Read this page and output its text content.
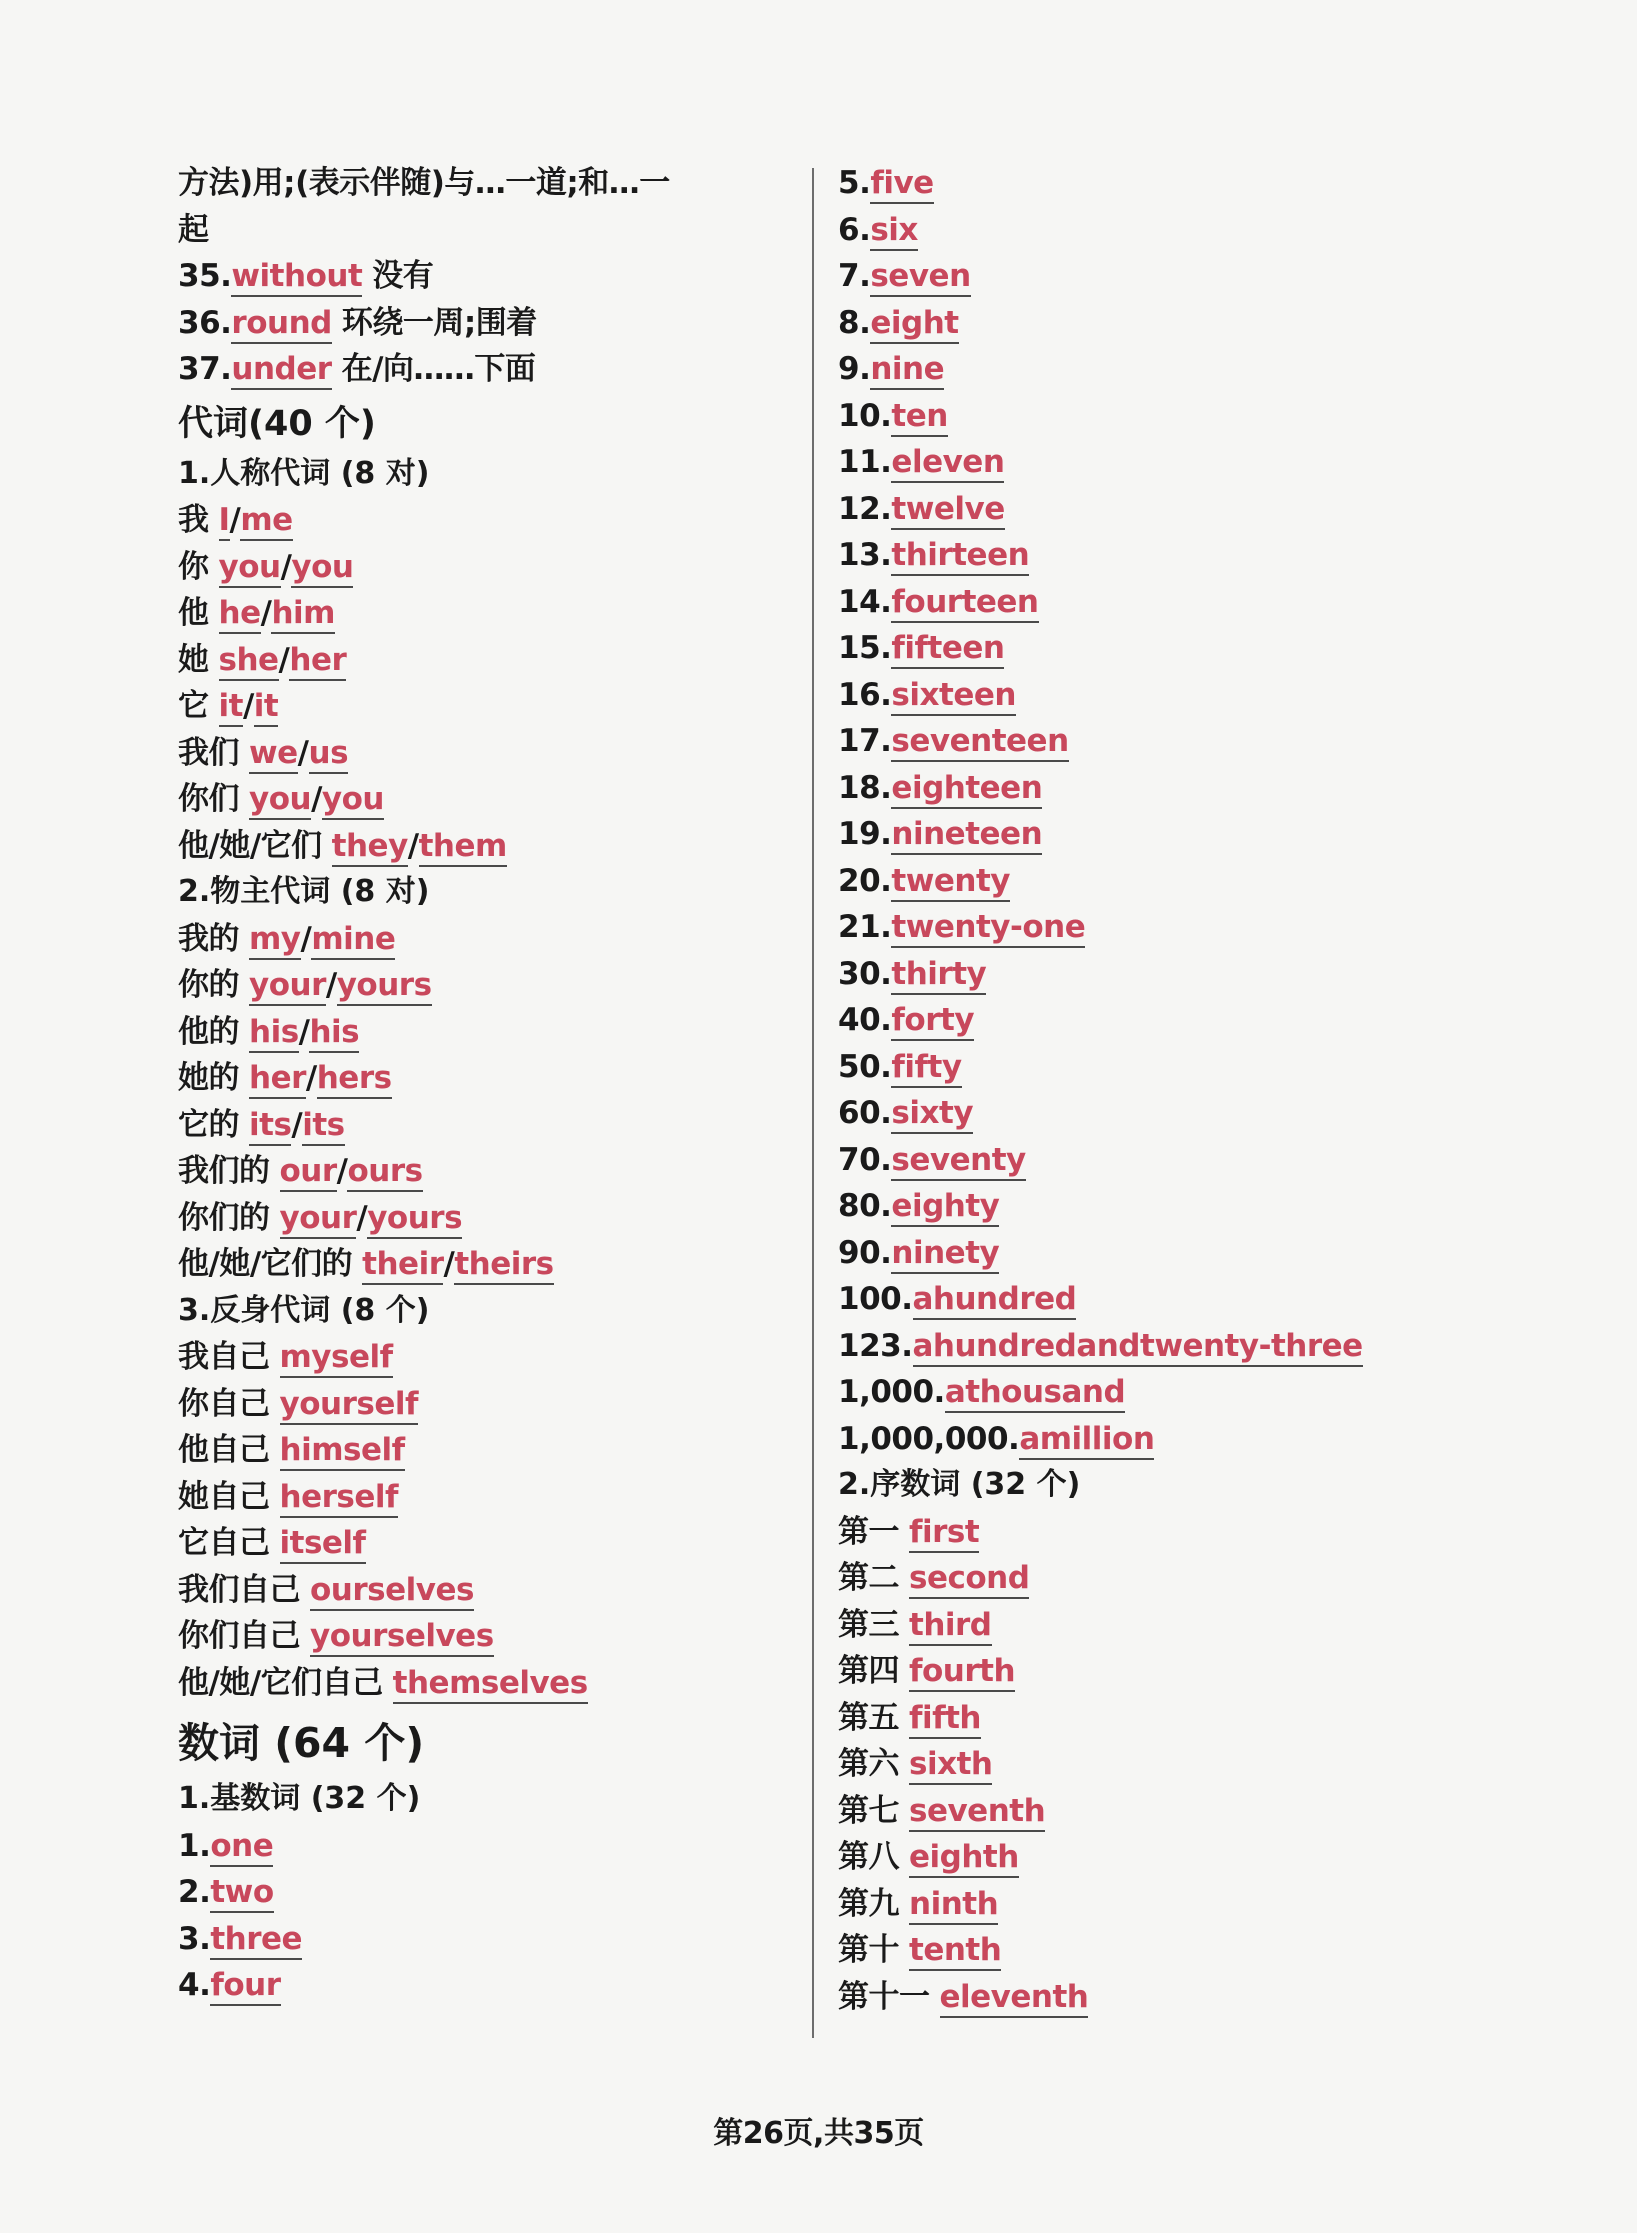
方法)用;(表示伴随)与…一道;和…一
起
35.without 没有
36.round 环绕一周;围着
37.under 在/向……下面
代词(40 个)
1.人称代词 (8 对)
我 I/me
你 you/you
他 he/him
她 she/her
它 it/it
我们 we/us
你们 you/you
他/她/它们 they/them
2.物主代词 (8 对)
我的 my/mine
你的 your/yours
他的 his/his
她的 her/hers
它的 its/its
我们的 our/ours
你们的 your/yours
他/她/它们的 their/theirs
3.反身代词 (8 个)
我自己 myself
你自己 yourself
他自己 himself
她自己 herself
它自己 itself
我们自己 ourselves
你们自己 yourselves
他/她/它们自己 themselves
数词 (64 个)
1.基数词 (32 个)
1.one
2.two
3.three
4.four
5.five
6.six
7.seven
8.eight
9.nine
10.ten
11.eleven
12.twelve
13.thirteen
14.fourteen
15.fifteen
16.sixteen
17.seventeen
18.eighteen
19.nineteen
20.twenty
21.twenty-one
30.thirty
40.forty
50.fifty
60.sixty
70.seventy
80.eighty
90.ninety
100.ahundred
123.ahundredandtwenty-three
1,000.athousand
1,000,000.amillion
2.序数词 (32 个)
第一 first
第二 second
第三 third
第四 fourth
第五 fifth
第六 sixth
第七 seventh
第八 eighth
第九 ninth
第十 tenth
第十一 eleventh
第26页,共35页
